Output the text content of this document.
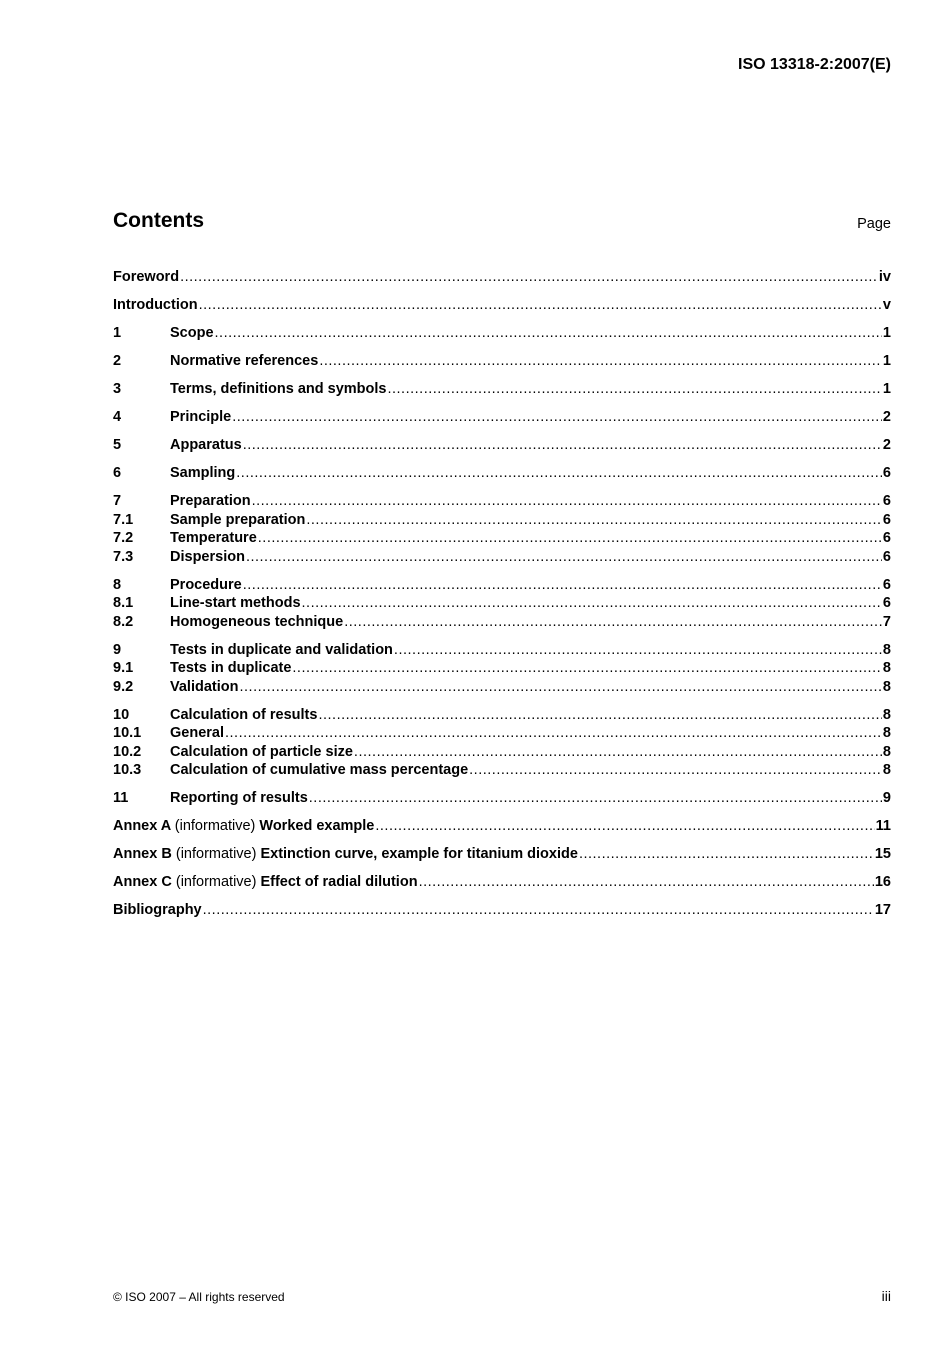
ISO 13318-2:2007(E)
Contents	Page
Foreword .....	iv
Introduction .....	v
1	Scope .....	1
2	Normative references .....	1
3	Terms, definitions and symbols .....	1
4	Principle .....	2
5	Apparatus .....	2
6	Sampling .....	6
7	Preparation .....	6
7.1	Sample preparation .....	6
7.2	Temperature .....	6
7.3	Dispersion .....	6
8	Procedure .....	6
8.1	Line-start methods .....	6
8.2	Homogeneous technique .....	7
9	Tests in duplicate and validation .....	8
9.1	Tests in duplicate .....	8
9.2	Validation .....	8
10	Calculation of results .....	8
10.1	General .....	8
10.2	Calculation of particle size .....	8
10.3	Calculation of cumulative mass percentage .....	8
11	Reporting of results .....	9
Annex A (informative) Worked example .....	11
Annex B (informative) Extinction curve, example for titanium dioxide .....	15
Annex C (informative) Effect of radial dilution .....	16
Bibliography .....	17
© ISO 2007 – All rights reserved	iii
